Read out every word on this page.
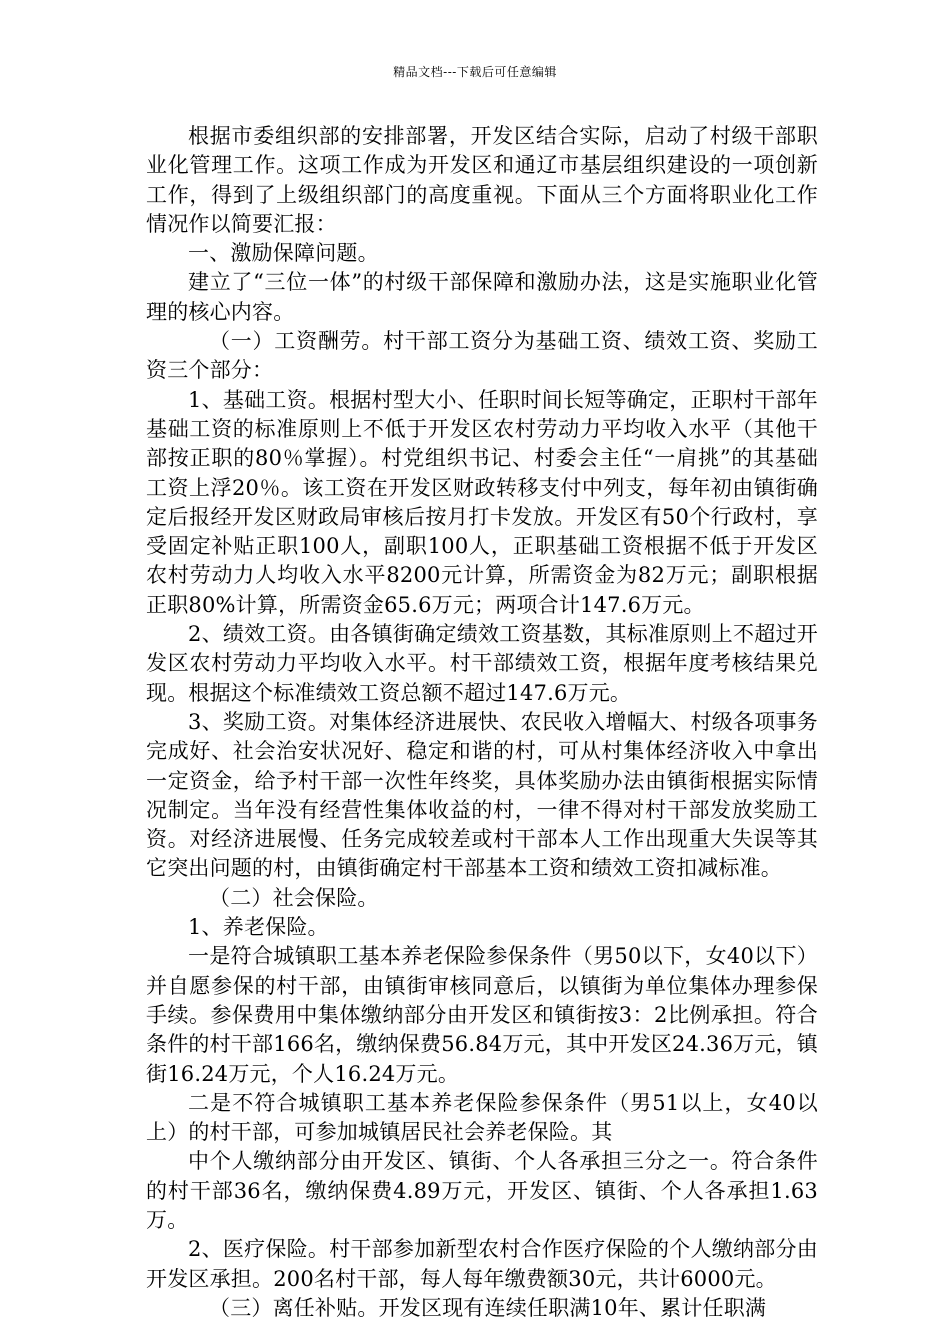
精品文档---下载后可任意编辑

根据市委组织部的安排部署，开发区结合实际，启动了村级干部职业化管理工作。这项工作成为开发区和通辽市基层组织建设的一项创新工作，得到了上级组织部门的高度重视。下面从三个方面将职业化工作情况作以简要汇报：

一、激励保障问题。

建立了“三位一体”的村级干部保障和激励办法，这是实施职业化管理的核心内容。

（一）工资酬劳。村干部工资分为基础工资、绩效工资、奖励工资三个部分：

1、基础工资。根据村型大小、任职时间长短等确定，正职村干部年基础工资的标准原则上不低于开发区农村劳动力平均收入水平（其他干部按正职的80％掌握）。村党组织书记、村委会主任“一肩挑”的其基础工资上浮20％。该工资在开发区财政转移支付中列支，每年初由镇街确定后报经开发区财政局审核后按月打卡发放。开发区有50个行政村，享受固定补贴正职100人，副职100人，正职基础工资根据不低于开发区农村劳动力人均收入水平8200元计算，所需资金为82万元；副职根据正职80%计算，所需资金65.6万元；两项合计147.6万元。

2、绩效工资。由各镇街确定绩效工资基数，其标准原则上不超过开发区农村劳动力平均收入水平。村干部绩效工资，根据年度考核结果兑现。根据这个标准绩效工资总额不超过147.6万元。

3、奖励工资。对集体经济进展快、农民收入增幅大、村级各项事务完成好、社会治安状况好、稳定和谐的村，可从村集体经济收入中拿出一定资金，给予村干部一次性年终奖，具体奖励办法由镇街根据实际情况制定。当年没有经营性集体收益的村，一律不得对村干部发放奖励工资。对经济进展慢、任务完成较差或村干部本人工作出现重大失误等其它突出问题的村，由镇街确定村干部基本工资和绩效工资扣减标准。

（二）社会保险。

1、养老保险。

一是符合城镇职工基本养老保险参保条件（男50以下，女40以下）并自愿参保的村干部，由镇街审核同意后，以镇街为单位集体办理参保手续。参保费用中集体缴纳部分由开发区和镇街按3：2比例承担。符合条件的村干部166名，缴纳保费56.84万元，其中开发区24.36万元，镇街16.24万元，个人16.24万元。

二是不符合城镇职工基本养老保险参保条件（男51以上，女40以上）的村干部，可参加城镇居民社会养老保险。其

中个人缴纳部分由开发区、镇街、个人各承担三分之一。符合条件的村干部36名，缴纳保费4.89万元，开发区、镇街、个人各承担1.63万。

2、医疗保险。村干部参加新型农村合作医疗保险的个人缴纳部分由开发区承担。200名村干部，每人每年缴费额30元，共计6000元。

（三）离任补贴。开发区现有连续任职满10年、累计任职满
